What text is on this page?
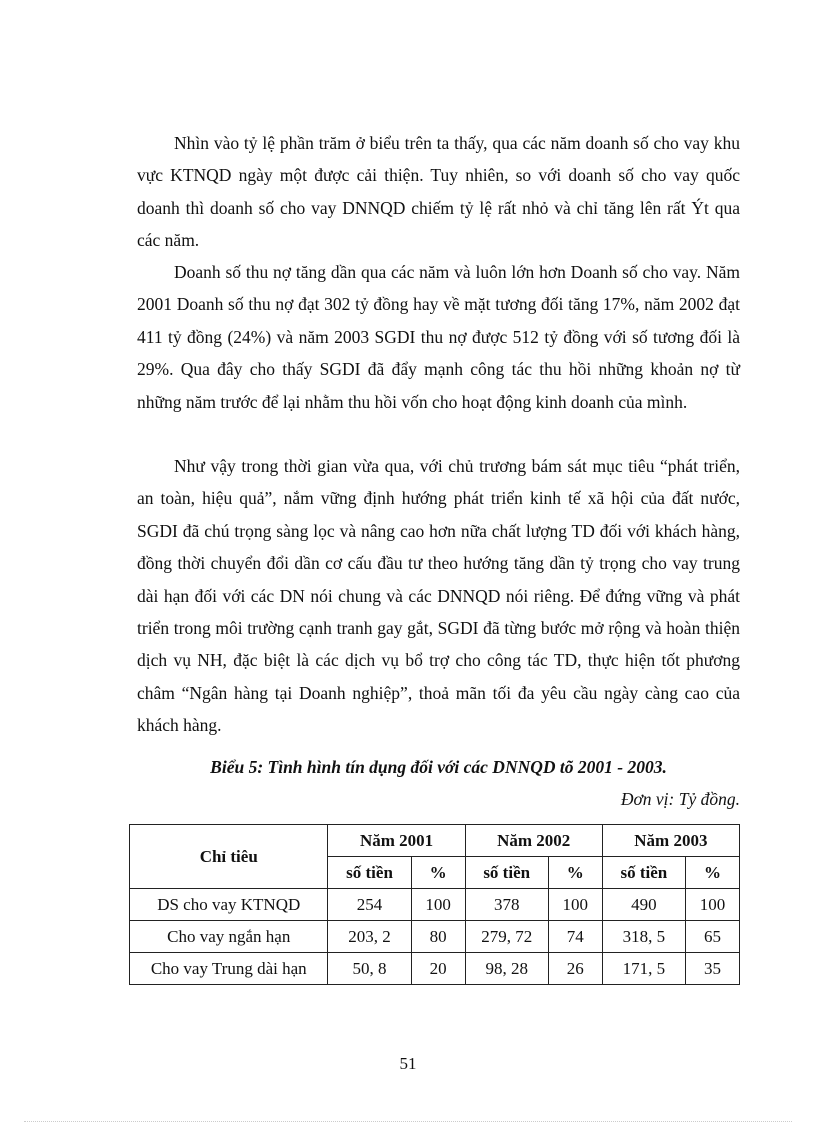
Nhìn vào tỷ lệ phần trăm ở biểu trên ta thấy, qua các năm doanh số cho vay khu vực KTNQD ngày một được cải thiện. Tuy nhiên, so với doanh số cho vay quốc doanh thì doanh số cho vay DNNQD chiếm tỷ lệ rất nhỏ và chỉ tăng lên rất Ýt qua các năm.

Doanh số thu nợ tăng dần qua các năm và luôn lớn hơn Doanh số cho vay. Năm 2001 Doanh số thu nợ đạt 302 tỷ đồng hay về mặt tương đối tăng 17%, năm 2002 đạt 411 tỷ đồng (24%) và năm 2003 SGDI thu nợ được 512 tỷ đồng với số tương đối là 29%. Qua đây cho thấy SGDI đã đẩy mạnh công tác thu hồi những khoản nợ từ những năm trước để lại nhằm thu hồi vốn cho hoạt động kinh doanh của mình.

Như vậy trong thời gian vừa qua, với chủ trương bám sát mục tiêu “phát triển, an toàn, hiệu quả”, nắm vững định hướng phát triển kinh tế xã hội của đất nước, SGDI đã chú trọng sàng lọc và nâng cao hơn nữa chất lượng TD đối với khách hàng, đồng thời chuyển đổi dần cơ cấu đầu tư theo hướng tăng dần tỷ trọng cho vay trung dài hạn đối với các DN nói chung và các DNNQD nói riêng. Để đứng vững và phát triển trong môi trường cạnh tranh gay gắt, SGDI đã từng bước mở rộng và hoàn thiện dịch vụ NH, đặc biệt là các dịch vụ bổ trợ cho công tác TD, thực hiện tốt phương châm “Ngân hàng tại Doanh nghiệp”, thoả mãn tối đa yêu cầu ngày càng cao của khách hàng.

Biểu 5: Tình hình tín dụng đối với các DNNQD tõ 2001 - 2003.

Đơn vị: Tỷ đồng.

Chỉ tiêu	Năm 2001		Năm 2002		Năm 2003	
	số tiền	%	số tiền	%	số tiền	%
DS cho vay KTNQD	254	100	378	100	490	100
Cho vay ngắn hạn	203, 2	80	279, 72	74	318, 5	65
Cho vay Trung dài hạn	50, 8	20	98, 28	26	171, 5	35

51
